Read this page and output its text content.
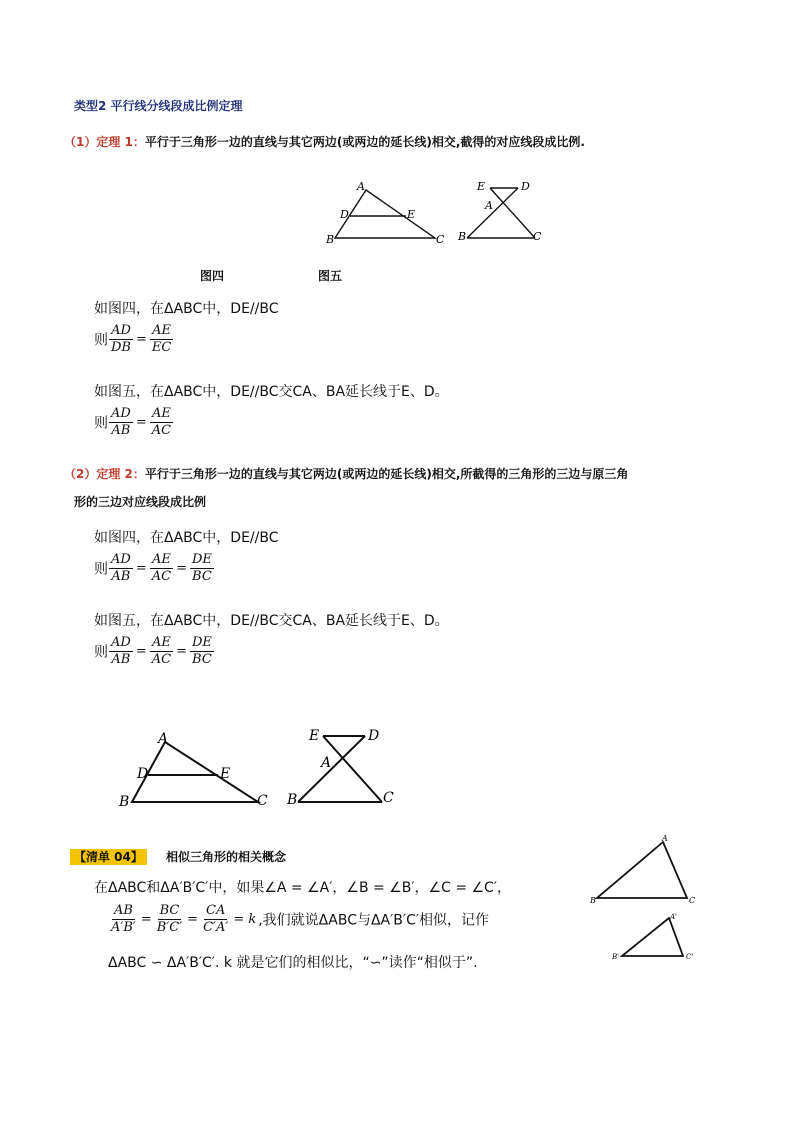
类型2 平行线分线段成比例定理
（1）定理 1：平行于三角形一边的直线与其它两边(或两边的延长线)相交,截得的对应线段成比例.
A
D	E
B	C
E	D
A
B	C
图四	图五
如图四，在ΔABC中，DE//BC
则 $\frac{AD}{DB} = \frac{AE}{EC}$
如图五，在ΔABC中，DE//BC交CA、BA延长线于E、D。
则 $\frac{AD}{AB} = \frac{AE}{AC}$
（2）定理 2：平行于三角形一边的直线与其它两边(或两边的延长线)相交,所截得的三角形的三边与原三角
形的三边对应线段成比例
如图四，在ΔABC中，DE//BC
则 $\frac{AD}{AB} = \frac{AE}{AC} = \frac{DE}{BC}$
如图五，在ΔABC中，DE//BC交CA、BA延长线于E、D。
则 $\frac{AD}{AB} = \frac{AE}{AC} = \frac{DE}{BC}$
A
D	E
B	C
E	D
A
B	C
【清单 04】 相似三角形的相关概念
在ΔABC和ΔA′B′C′中，如果∠A = ∠A′，∠B = ∠B′，∠C = ∠C′，
$\frac{AB}{A'B'} = \frac{BC}{B'C'} = \frac{CA}{C'A'} = k$ ,我们就说ΔABC与ΔA′B′C′相似，记作
ΔABC ∽ ΔA′B′C′. k 就是它们的相似比，“∽”读作“相似于”.
A
B	C
A'
B'	C'
